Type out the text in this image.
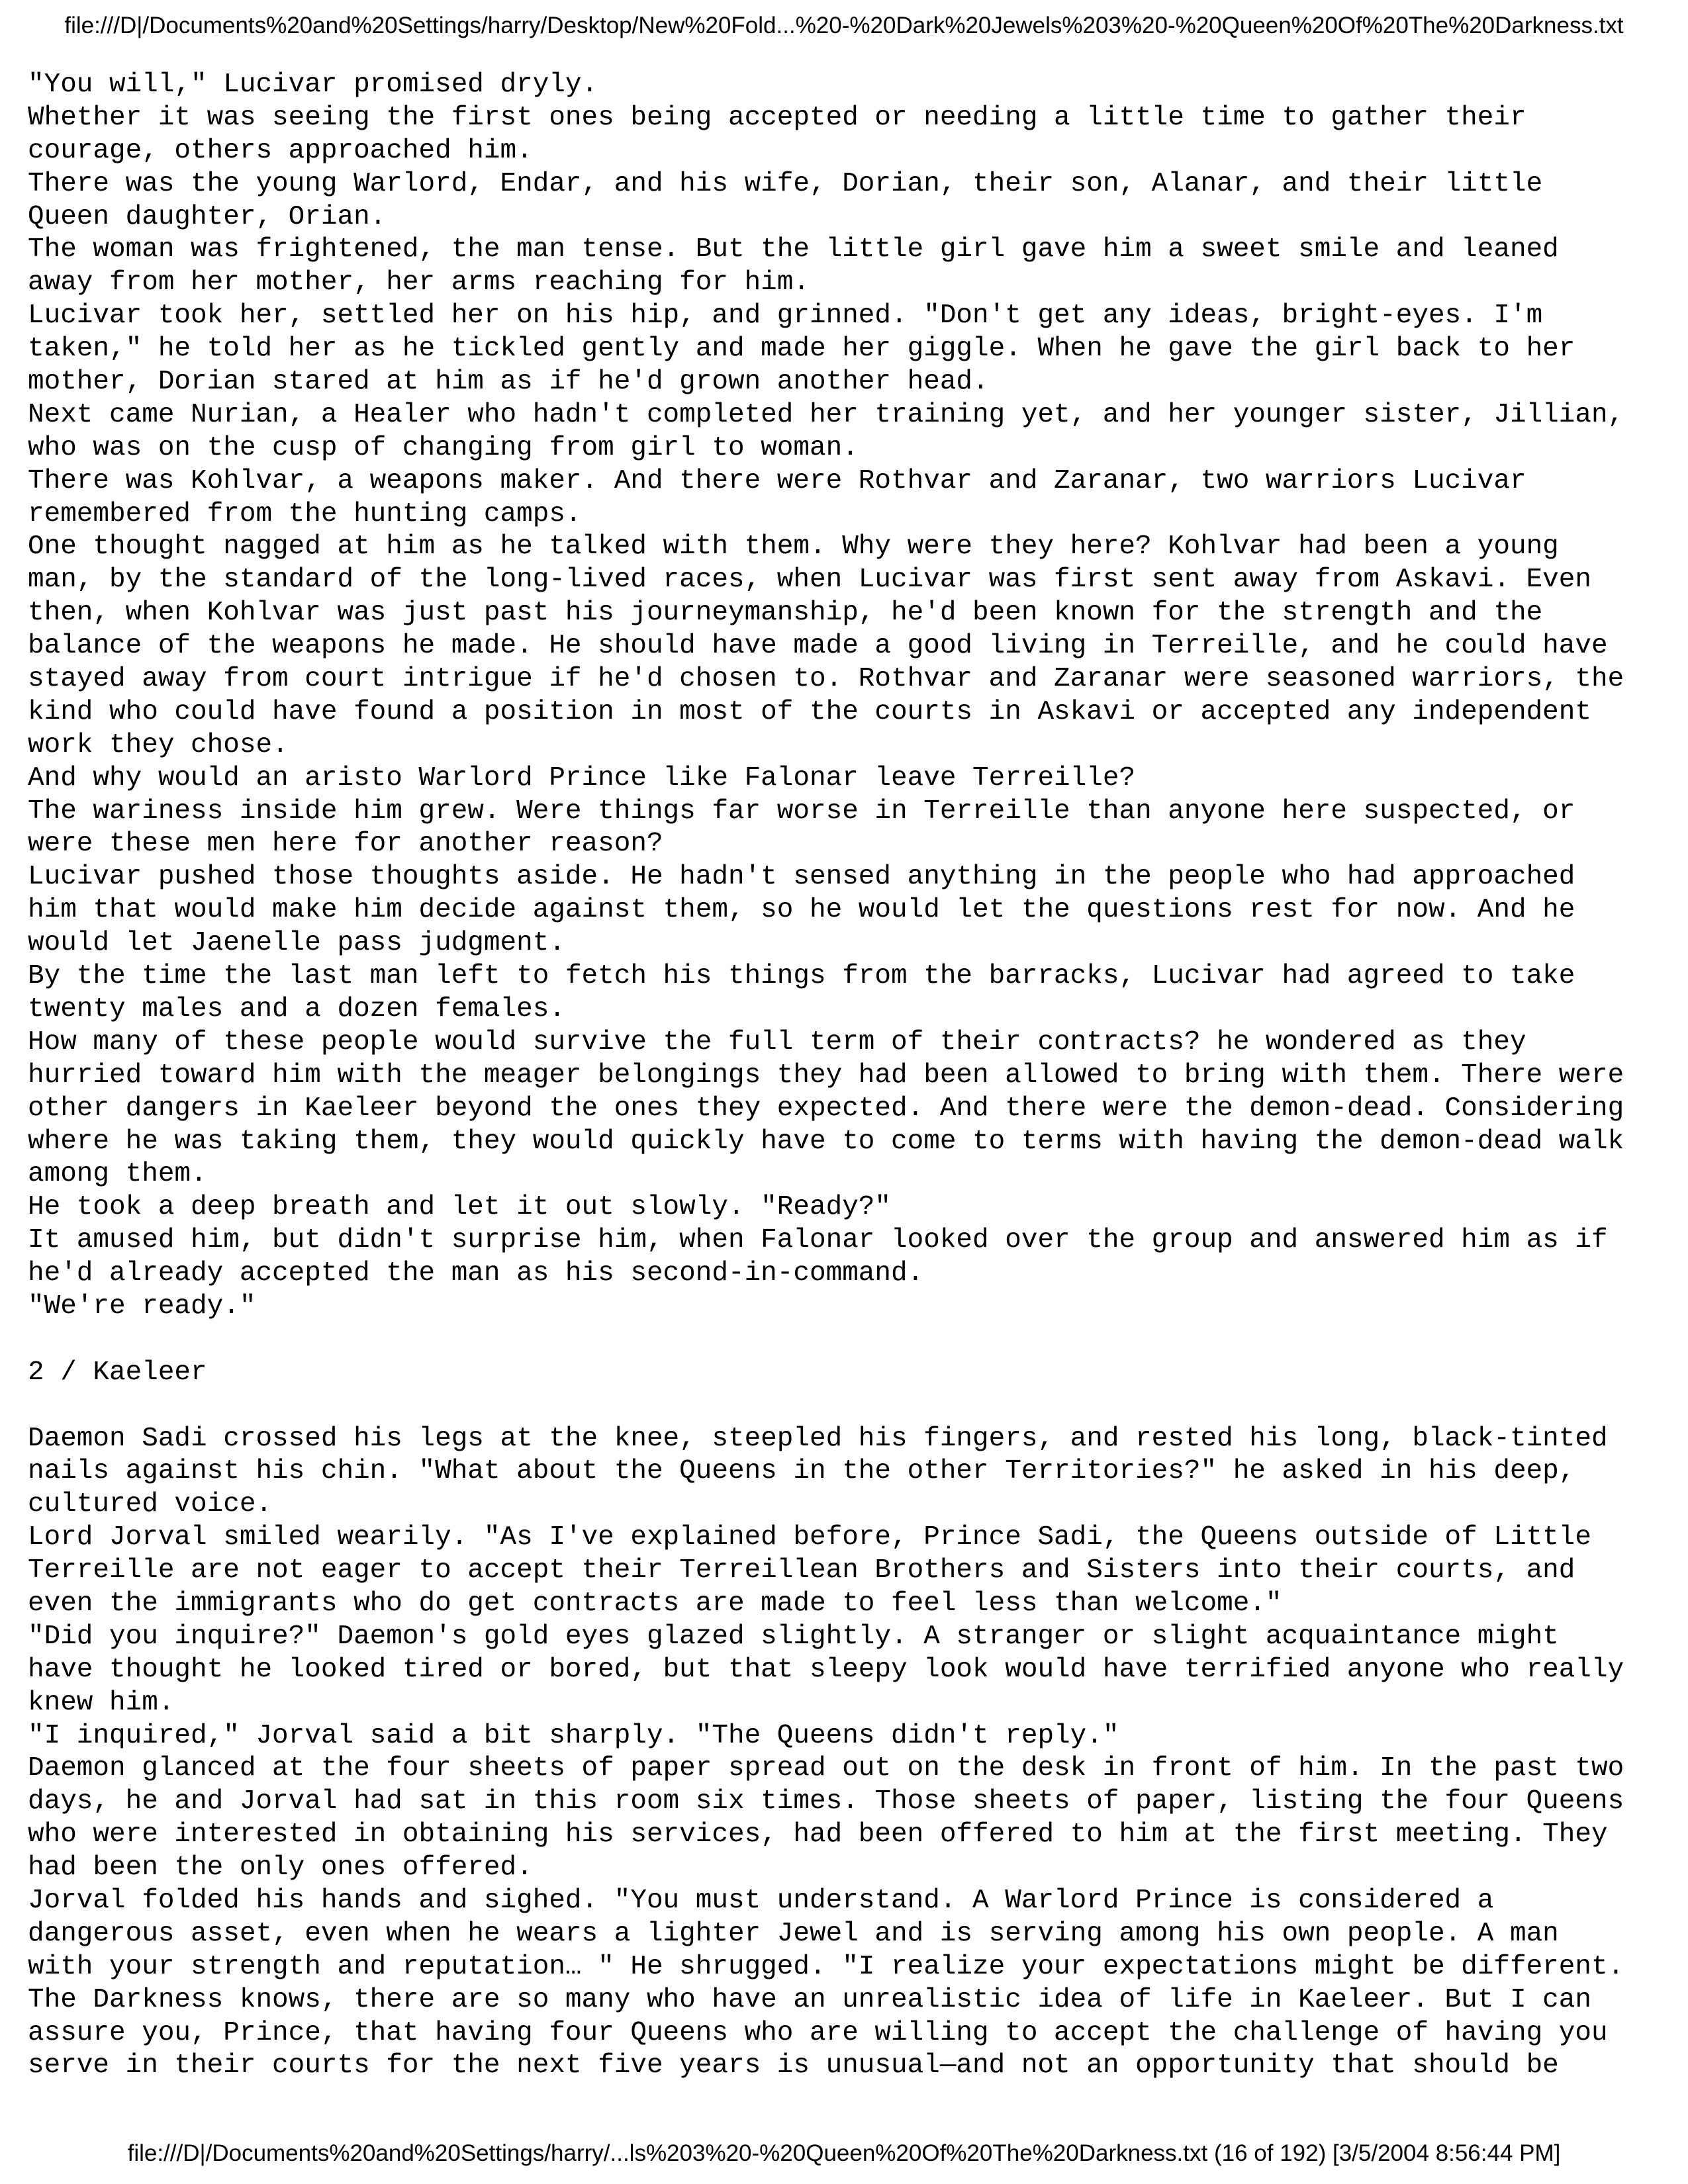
file:///D|/Documents%20and%20Settings/harry/Desktop/New%20Fold...%20-%20Dark%20Jewels%203%20-%20Queen%20Of%20The%20Darkness.txt
"You will," Lucivar promised dryly.
Whether it was seeing the first ones being accepted or needing a little time to gather their
courage, others approached him.
There was the young Warlord, Endar, and his wife, Dorian, their son, Alanar, and their little
Queen daughter, Orian.
The woman was frightened, the man tense. But the little girl gave him a sweet smile and leaned
away from her mother, her arms reaching for him.
Lucivar took her, settled her on his hip, and grinned. "Don't get any ideas, bright-eyes. I'm
taken," he told her as he tickled gently and made her giggle. When he gave the girl back to her
mother, Dorian stared at him as if he'd grown another head.
Next came Nurian, a Healer who hadn't completed her training yet, and her younger sister, Jillian,
who was on the cusp of changing from girl to woman.
There was Kohlvar, a weapons maker. And there were Rothvar and Zaranar, two warriors Lucivar
remembered from the hunting camps.
One thought nagged at him as he talked with them. Why were they here? Kohlvar had been a young
man, by the standard of the long-lived races, when Lucivar was first sent away from Askavi. Even
then, when Kohlvar was just past his journeymanship, he'd been known for the strength and the
balance of the weapons he made. He should have made a good living in Terreille, and he could have
stayed away from court intrigue if he'd chosen to. Rothvar and Zaranar were seasoned warriors, the
kind who could have found a position in most of the courts in Askavi or accepted any independent
work they chose.
And why would an aristo Warlord Prince like Falonar leave Terreille?
The wariness inside him grew. Were things far worse in Terreille than anyone here suspected, or
were these men here for another reason?
Lucivar pushed those thoughts aside. He hadn't sensed anything in the people who had approached
him that would make him decide against them, so he would let the questions rest for now. And he
would let Jaenelle pass judgment.
By the time the last man left to fetch his things from the barracks, Lucivar had agreed to take
twenty males and a dozen females.
How many of these people would survive the full term of their contracts? he wondered as they
hurried toward him with the meager belongings they had been allowed to bring with them. There were
other dangers in Kaeleer beyond the ones they expected. And there were the demon-dead. Considering
where he was taking them, they would quickly have to come to terms with having the demon-dead walk
among them.
He took a deep breath and let it out slowly. "Ready?"
It amused him, but didn't surprise him, when Falonar looked over the group and answered him as if
he'd already accepted the man as his second-in-command.
"We're ready."
2 / Kaeleer
Daemon Sadi crossed his legs at the knee, steepled his fingers, and rested his long, black-tinted
nails against his chin. "What about the Queens in the other Territories?" he asked in his deep,
cultured voice.
Lord Jorval smiled wearily. "As I've explained before, Prince Sadi, the Queens outside of Little
Terreille are not eager to accept their Terreillean Brothers and Sisters into their courts, and
even the immigrants who do get contracts are made to feel less than welcome."
"Did you inquire?" Daemon's gold eyes glazed slightly. A stranger or slight acquaintance might
have thought he looked tired or bored, but that sleepy look would have terrified anyone who really
knew him.
"I inquired," Jorval said a bit sharply. "The Queens didn't reply."
Daemon glanced at the four sheets of paper spread out on the desk in front of him. In the past two
days, he and Jorval had sat in this room six times. Those sheets of paper, listing the four Queens
who were interested in obtaining his services, had been offered to him at the first meeting. They
had been the only ones offered.
Jorval folded his hands and sighed. "You must understand. A Warlord Prince is considered a
dangerous asset, even when he wears a lighter Jewel and is serving among his own people. A man
with your strength and reputation… " He shrugged. "I realize your expectations might be different.
The Darkness knows, there are so many who have an unrealistic idea of life in Kaeleer. But I can
assure you, Prince, that having four Queens who are willing to accept the challenge of having you
serve in their courts for the next five years is unusual—and not an opportunity that should be
file:///D|/Documents%20and%20Settings/harry/...ls%203%20-%20Queen%20Of%20The%20Darkness.txt (16 of 192) [3/5/2004 8:56:44 PM]
